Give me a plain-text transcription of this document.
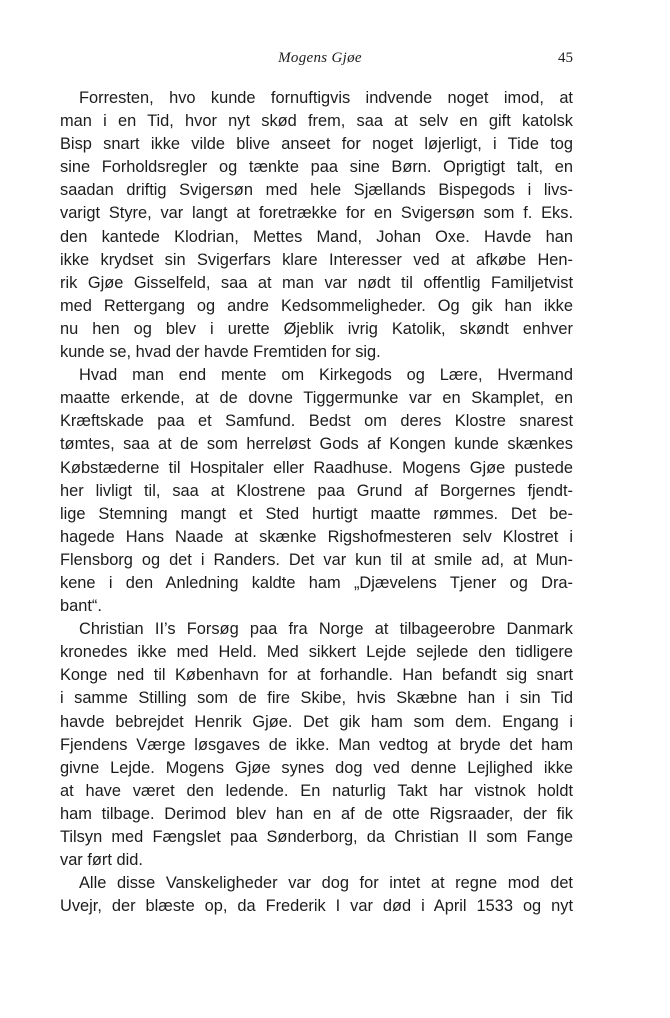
Mogens Gjøe	45
Forresten, hvo kunde fornuftigvis indvende noget imod, at
man i en Tid, hvor nyt skød frem, saa at selv en gift katolsk
Bisp snart ikke vilde blive anseet for noget løjerligt, i Tide tog
sine Forholdsregler og tænkte paa sine Børn. Oprigtigt talt, en
saadan driftig Svigersøn med hele Sjællands Bispegods i livs-
varigt Styre, var langt at foretrække for en Svigersøn som f. Eks.
den kantede Klodrian, Mettes Mand, Johan Oxe. Havde han
ikke krydset sin Svigerfars klare Interesser ved at afkøbe Hen-
rik Gjøe Gisselfeld, saa at man var nødt til offentlig Familjetvist
med Rettergang og andre Kedsommeligheder. Og gik han ikke
nu hen og blev i urette Øjeblik ivrig Katolik, skøndt enhver
kunde se, hvad der havde Fremtiden for sig.
Hvad man end mente om Kirkegods og Lære, Hvermand
maatte erkende, at de dovne Tiggermunke var en Skamplet, en
Kræftskade paa et Samfund. Bedst om deres Klostre snarest
tømtes, saa at de som herreløst Gods af Kongen kunde skænkes
Købstæderne til Hospitaler eller Raadhuse. Mogens Gjøe pustede
her livligt til, saa at Klostrene paa Grund af Borgernes fjendt-
lige Stemning mangt et Sted hurtigt maatte rømmes. Det be-
hagede Hans Naade at skænke Rigshofmesteren selv Klostret i
Flensborg og det i Randers. Det var kun til at smile ad, at Mun-
kene i den Anledning kaldte ham „Djævelens Tjener og Dra-
bant“.
Christian II’s Forsøg paa fra Norge at tilbageerobre Danmark
kronedes ikke med Held. Med sikkert Lejde sejlede den tidligere
Konge ned til København for at forhandle. Han befandt sig snart
i samme Stilling som de fire Skibe, hvis Skæbne han i sin Tid
havde bebrejdet Henrik Gjøe. Det gik ham som dem. Engang i
Fjendens Værge løsgaves de ikke. Man vedtog at bryde det ham
givne Lejde. Mogens Gjøe synes dog ved denne Lejlighed ikke
at have været den ledende. En naturlig Takt har vistnok holdt
ham tilbage. Derimod blev han en af de otte Rigsraader, der fik
Tilsyn med Fængslet paa Sønderborg, da Christian II som Fange
var ført did.
Alle disse Vanskeligheder var dog for intet at regne mod det
Uvejr, der blæste op, da Frederik I var død i April 1533 og nyt
